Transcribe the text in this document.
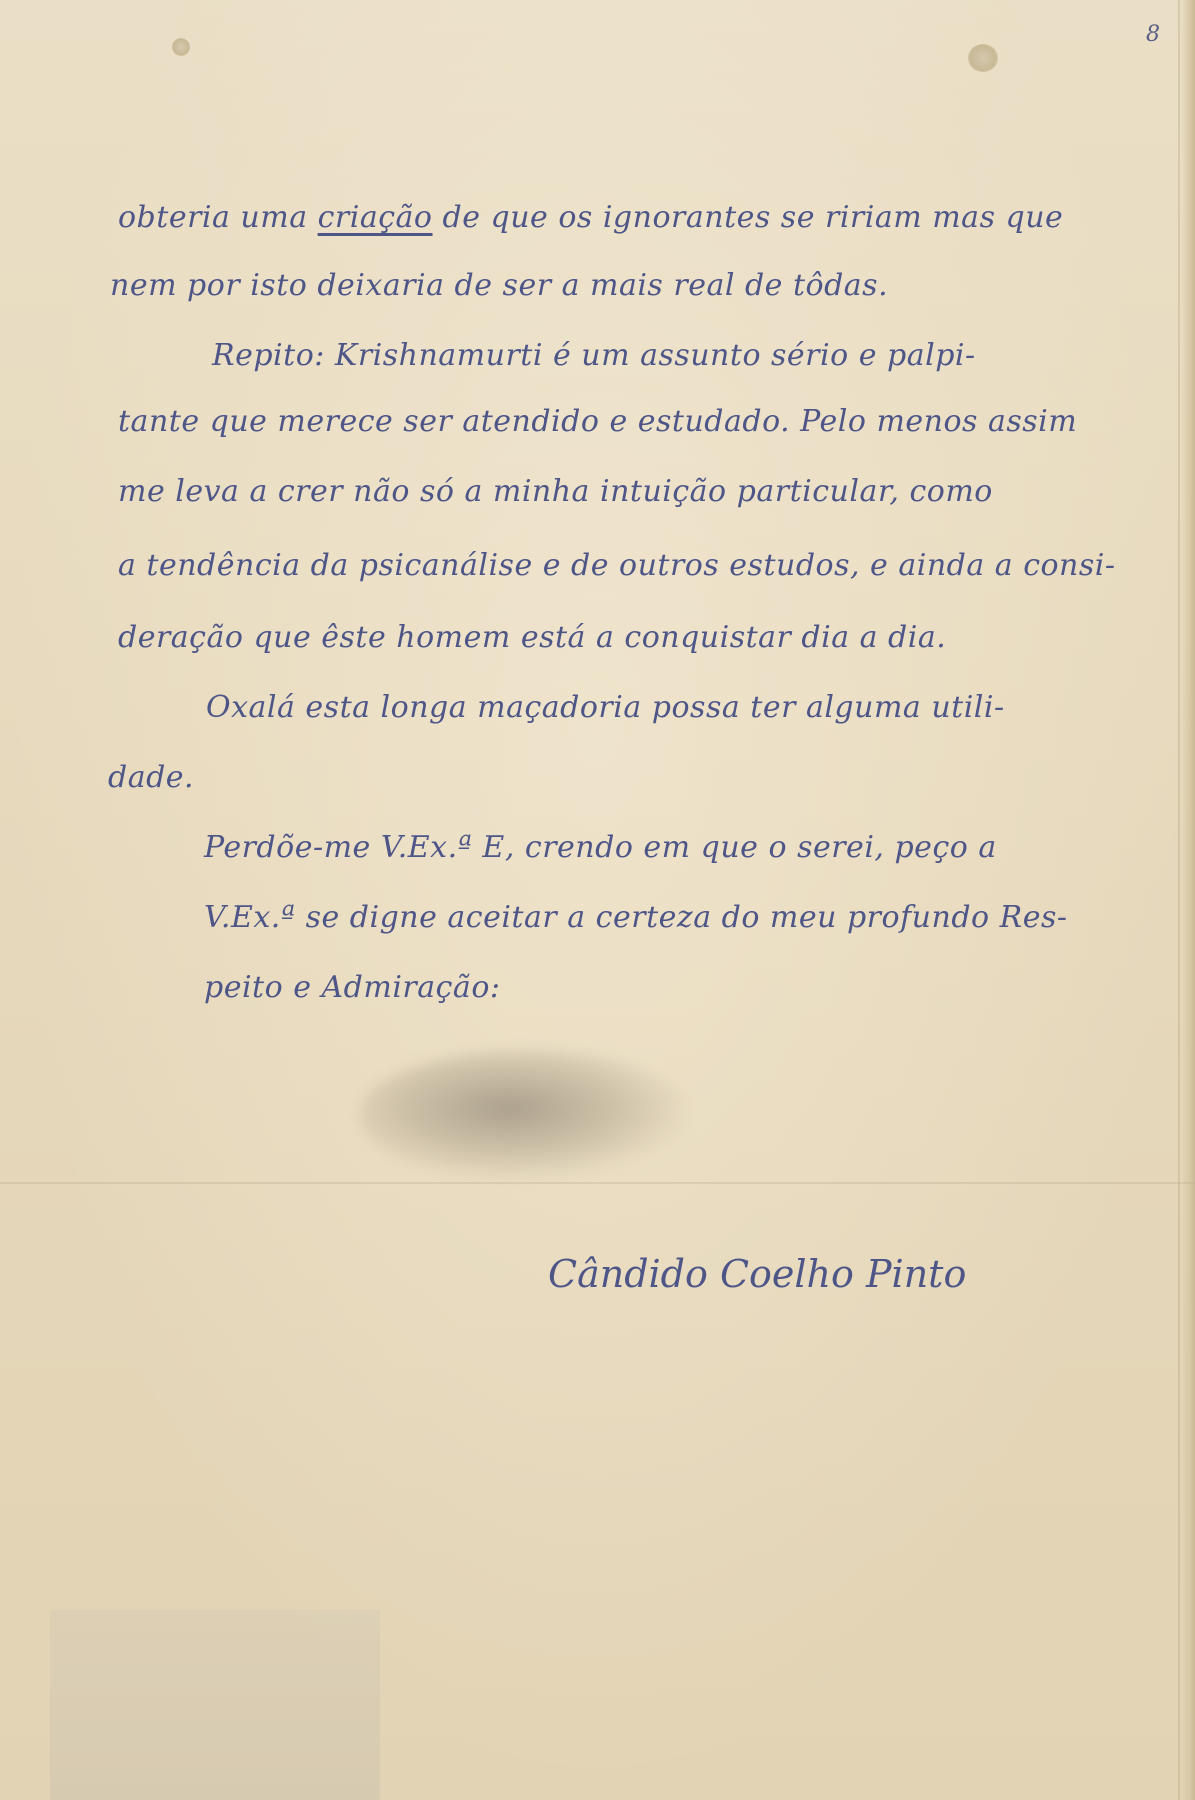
8
obteria uma criação de que os ignorantes se ririam mas que
nem por isto deixaria de ser a mais real de tôdas.
Repito: Krishnamurti é um assunto sério e palpi-
tante que merece ser atendido e estudado. Pelo menos assim
me leva a crer não só a minha intuição particular, como
a tendência da psicanálise e de outros estudos, e ainda a consi-
deração que êste homem está a conquistar dia a dia.
Oxalá esta longa maçadoria possa ter alguma utili-
dade.
Perdõe-me V.Ex.ª E, crendo em que o serei, peço a
V.Ex.ª se digne aceitar a certeza do meu profundo Res-
peito e Admiração:
Cândido Coelho Pinto
